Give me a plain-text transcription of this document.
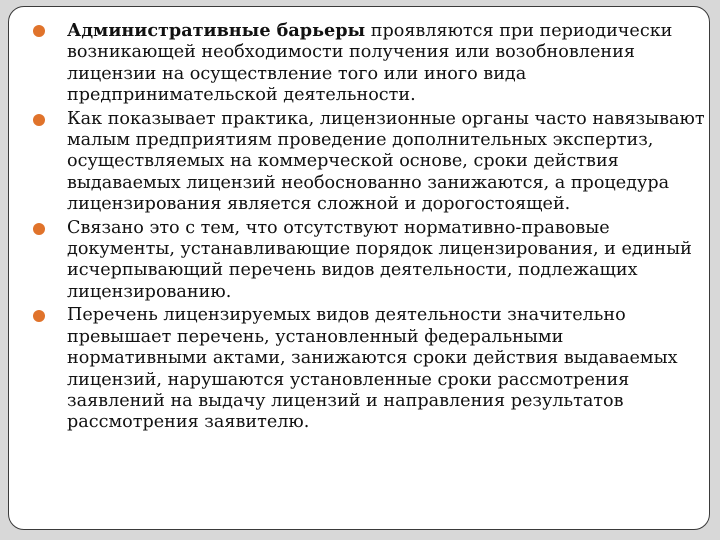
Административные барьеры проявляются при периодически возникающей необходимости получения или возобновления лицензии на осуществление того или иного вида предпринимательской деятельности.
Как показывает практика, лицензионные органы часто навязывают малым предприятиям проведение дополнительных экспертиз, осуществляемых на коммерческой основе, сроки действия выдаваемых лицензий необоснованно занижаются, а процедура лицензирования является сложной и дорогостоящей.
Связано это с тем, что отсутствуют нормативно-правовые документы, устанавливающие порядок лицензирования, и единый исчерпывающий перечень видов деятельности, подлежащих лицензированию.
Перечень лицензируемых видов деятельности значительно превышает перечень, установленный федеральными нормативными актами, занижаются сроки действия выдаваемых лицензий, нарушаются установленные сроки рассмотрения заявлений на выдачу лицензий и направления результатов рассмотрения заявителю.
